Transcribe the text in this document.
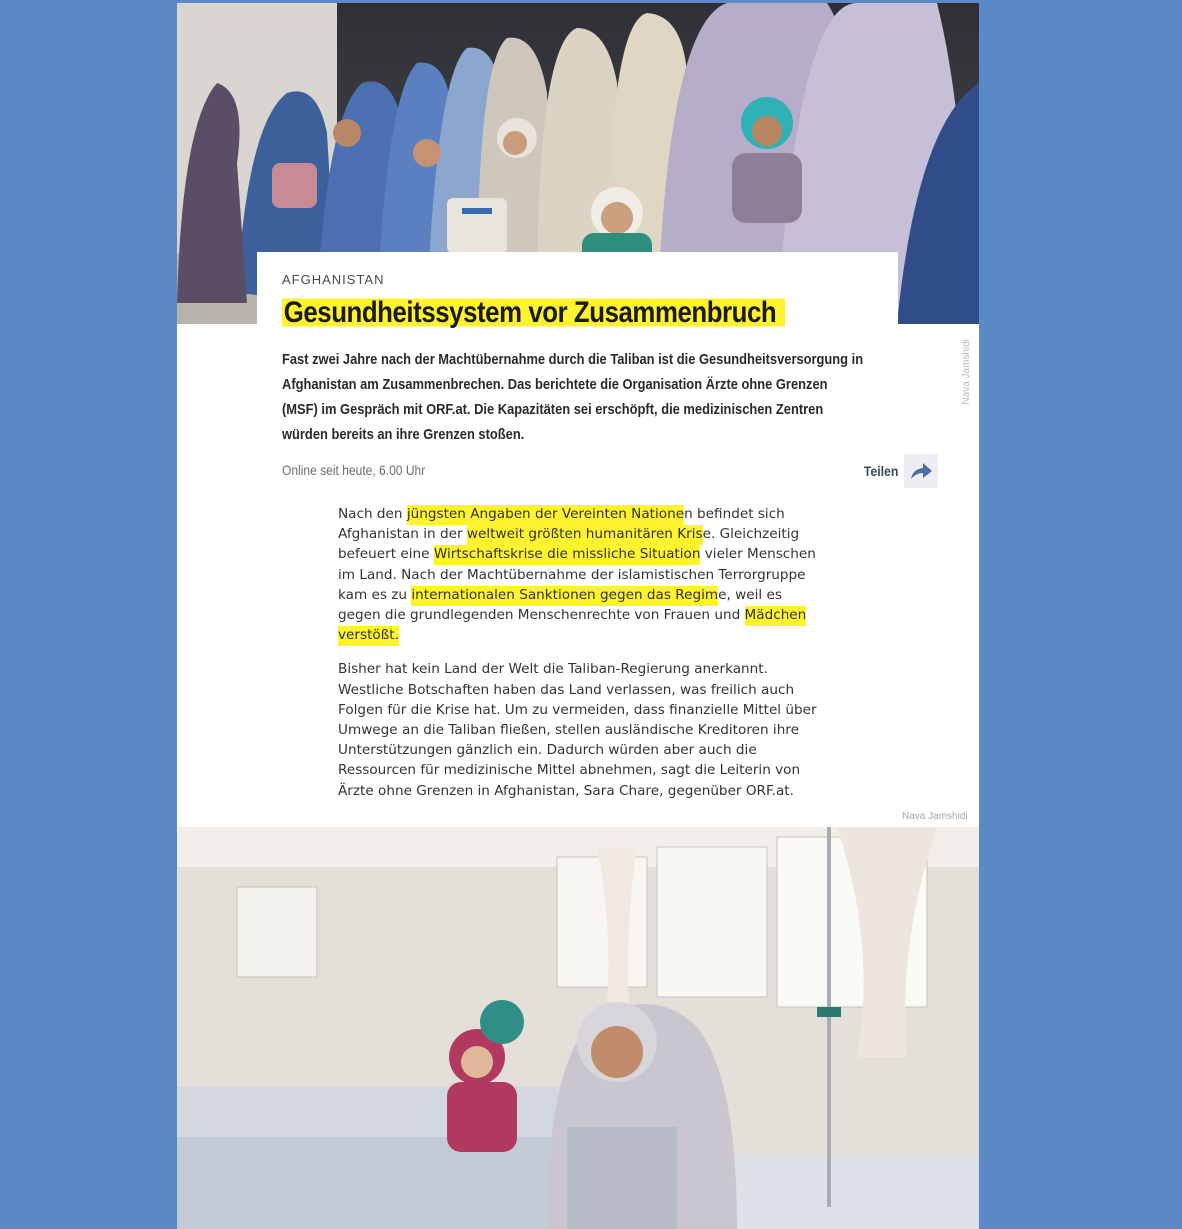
Nava Jamshidi
AFGHANISTAN
Gesundheitssystem vor Zusammenbruch

Fast zwei Jahre nach der Machtübernahme durch die Taliban ist die Gesundheitsversorgung in Afghanistan am Zusammenbrechen. Das berichtete die Organisation Ärzte ohne Grenzen (MSF) im Gespräch mit ORF.at. Die Kapazitäten sei erschöpft, die medizinischen Zentren würden bereits an ihre Grenzen stoßen.

Online seit heute, 6.00 Uhr	Teilen

Nach den jüngsten Angaben der Vereinten Nationen befindet sich Afghanistan in der weltweit größten humanitären Krise. Gleichzeitig befeuert eine Wirtschaftskrise die missliche Situation vieler Menschen im Land. Nach der Machtübernahme der islamistischen Terrorgruppe kam es zu internationalen Sanktionen gegen das Regime, weil es gegen die grundlegenden Menschenrechte von Frauen und Mädchen verstößt.

Bisher hat kein Land der Welt die Taliban-Regierung anerkannt. Westliche Botschaften haben das Land verlassen, was freilich auch Folgen für die Krise hat. Um zu vermeiden, dass finanzielle Mittel über Umwege an die Taliban fließen, stellen ausländische Kreditoren ihre Unterstützungen gänzlich ein. Dadurch würden aber auch die Ressourcen für medizinische Mittel abnehmen, sagt die Leiterin von Ärzte ohne Grenzen in Afghanistan, Sara Chare, gegenüber ORF.at.

Nava Jamshidi
